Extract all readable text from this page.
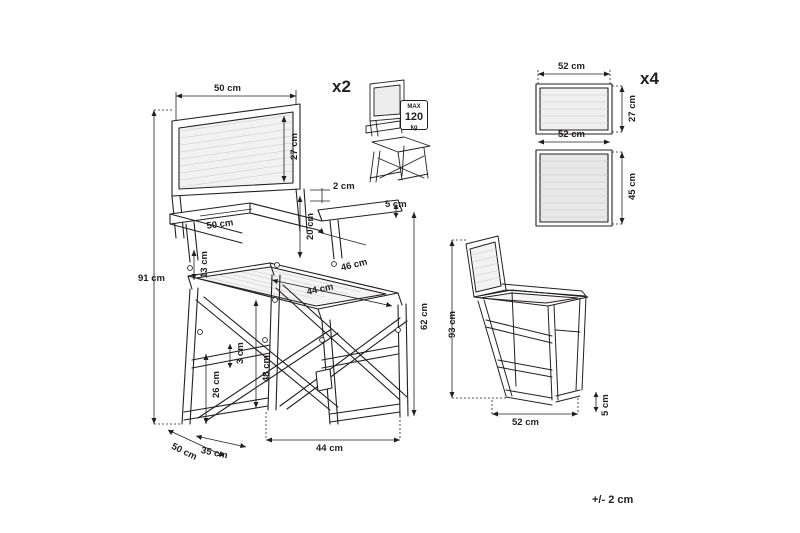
x2	x4
MAX
120
kg
50 cm
27 cm
2 cm
5 cm
50 cm	20 cm
13 cm	46 cm
44 cm
91 cm
48 cm
26 cm
3 cm
62 cm
35 cm
50 cm	44 cm
93 cm
52 cm
5 cm
52 cm
27 cm
52 cm
45 cm
+/- 2 cm
